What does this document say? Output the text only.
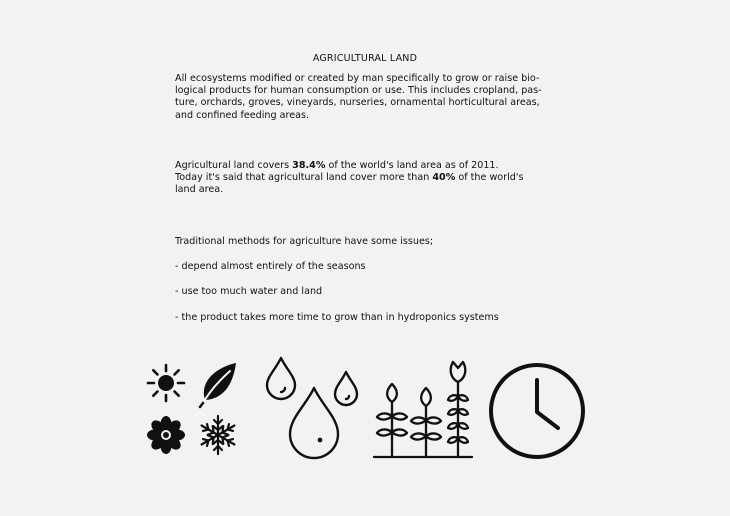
AGRICULTURAL LAND
All ecosystems modified or created by man specifically to grow or raise bio-
logical products for human consumption or use. This includes cropland, pas-
ture, orchards, groves, vineyards, nurseries, ornamental horticultural areas,
and confined feeding areas.
Agricultural land covers 38.4% of the world's land area as of 2011.
Today it's said that agricultural land cover more than 40% of the world's
land area.

Traditional methods for agriculture have some issues;

- depend almost entirely of the seasons

- use too much water and land

- the product takes more time to grow than in hydroponics systems
